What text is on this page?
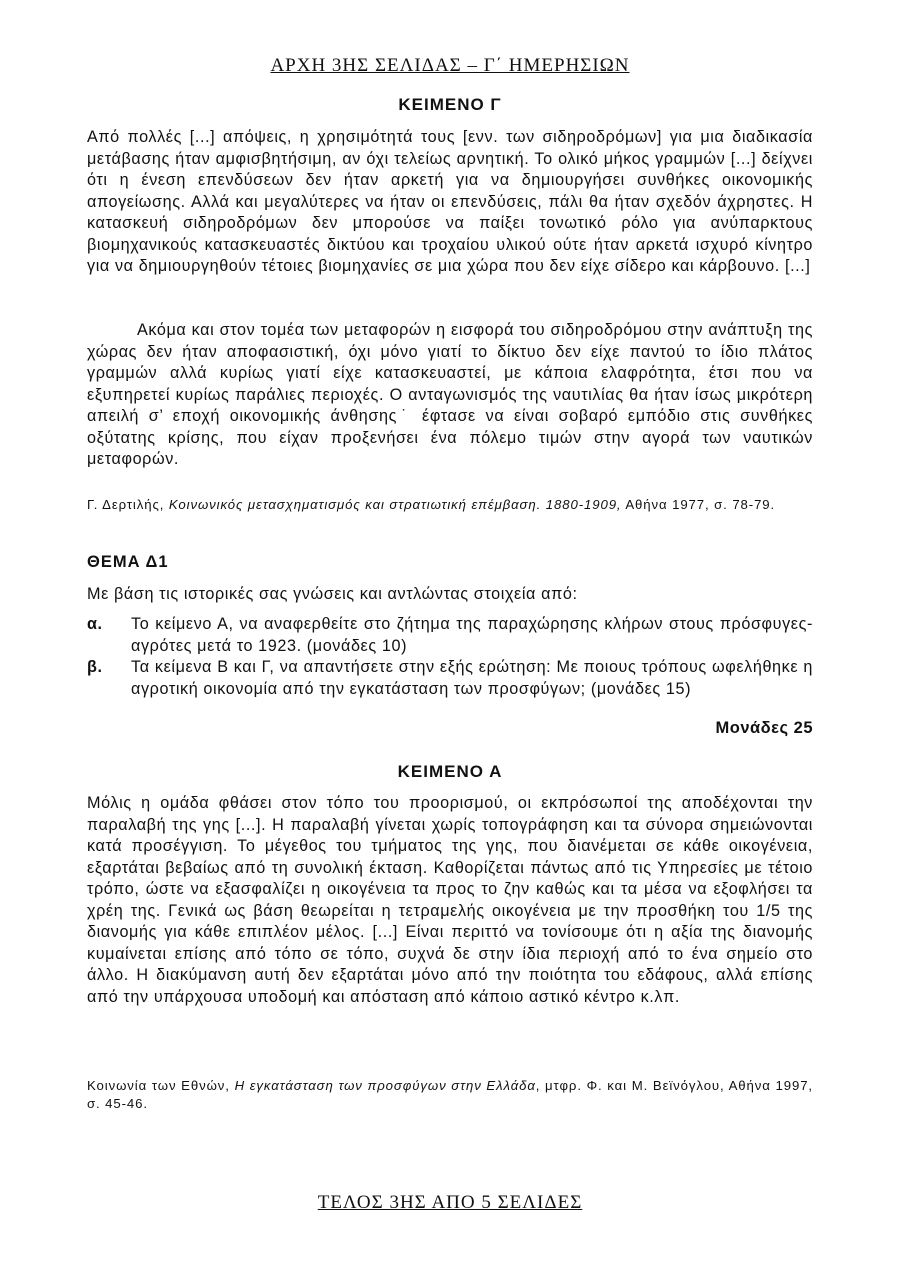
ΑΡΧΗ 3ΗΣ ΣΕΛΙΔΑΣ – Γ΄ ΗΜΕΡΗΣΙΩΝ
ΚΕΙΜΕΝΟ Γ

Από πολλές [...] απόψεις, η χρησιμότητά τους [ενν. των σιδηροδρόμων] για μια διαδικασία μετάβασης ήταν αμφισβητήσιμη, αν όχι τελείως αρνητική. Το ολικό μήκος γραμμών [...] δείχνει ότι η ένεση επενδύσεων δεν ήταν αρκετή για να δημιουργήσει συνθήκες οικονομικής απογείωσης. Αλλά και μεγαλύτερες να ήταν οι επενδύσεις, πάλι θα ήταν σχεδόν άχρηστες. Η κατασκευή σιδηροδρόμων δεν μπορούσε να παίξει τονωτικό ρόλο για ανύπαρκτους βιομηχανικούς κατασκευαστές δικτύου και τροχαίου υλικού ούτε ήταν αρκετά ισχυρό κίνητρο για να δημιουργηθούν τέτοιες βιομηχανίες σε μια χώρα που δεν είχε σίδερο και κάρβουνο. [...]

Ακόμα και στον τομέα των μεταφορών η εισφορά του σιδηροδρόμου στην ανάπτυξη της χώρας δεν ήταν αποφασιστική, όχι μόνο γιατί το δίκτυο δεν είχε παντού το ίδιο πλάτος γραμμών αλλά κυρίως γιατί είχε κατασκευαστεί, με κάποια ελαφρότητα, έτσι που να εξυπηρετεί κυρίως παράλιες περιοχές. Ο ανταγωνισμός της ναυτιλίας θα ήταν ίσως μικρότερη απειλή σ’ εποχή οικονομικής άνθησης˙ έφτασε να είναι σοβαρό εμπόδιο στις συνθήκες οξύτατης κρίσης, που είχαν προξενήσει ένα πόλεμο τιμών στην αγορά των ναυτικών μεταφορών.

Γ. Δερτιλής, Κοινωνικός μετασχηματισμός και στρατιωτική επέμβαση. 1880-1909, Αθήνα 1977, σ. 78-79.

ΘΕΜΑ Δ1
Με βάση τις ιστορικές σας γνώσεις και αντλώντας στοιχεία από:
α. Το κείμενο Α, να αναφερθείτε στο ζήτημα της παραχώρησης κλήρων στους πρόσφυγες-αγρότες μετά το 1923. (μονάδες 10)
β. Τα κείμενα Β και Γ, να απαντήσετε στην εξής ερώτηση: Με ποιους τρόπους ωφελήθηκε η αγροτική οικονομία από την εγκατάσταση των προσφύγων; (μονάδες 15)
Μονάδες 25
ΚΕΙΜΕΝΟ Α

Μόλις η ομάδα φθάσει στον τόπο του προορισμού, οι εκπρόσωποί της αποδέχονται την παραλαβή της γης [...]. Η παραλαβή γίνεται χωρίς τοπογράφηση και τα σύνορα σημειώνονται κατά προσέγγιση. Το μέγεθος του τμήματος της γης, που διανέμεται σε κάθε οικογένεια, εξαρτάται βεβαίως από τη συνολική έκταση. Καθορίζεται πάντως από τις Υπηρεσίες με τέτοιο τρόπο, ώστε να εξασφαλίζει η οικογένεια τα προς το ζην καθώς και τα μέσα να εξοφλήσει τα χρέη της. Γενικά ως βάση θεωρείται η τετραμελής οικογένεια με την προσθήκη του 1/5 της διανομής για κάθε επιπλέον μέλος. [...] Είναι περιττό να τονίσουμε ότι η αξία της διανομής κυμαίνεται επίσης από τόπο σε τόπο, συχνά δε στην ίδια περιοχή από το ένα σημείο στο άλλο. Η διακύμανση αυτή δεν εξαρτάται μόνο από την ποιότητα του εδάφους, αλλά επίσης από την υπάρχουσα υποδομή και απόσταση από κάποιο αστικό κέντρο κ.λπ.

Κοινωνία των Εθνών, Η εγκατάσταση των προσφύγων στην Ελλάδα, μτφρ. Φ. και Μ. Βεϊνόγλου, Αθήνα 1997, σ. 45-46.

ΤΕΛΟΣ 3ΗΣ ΑΠΟ 5 ΣΕΛΙΔΕΣ
